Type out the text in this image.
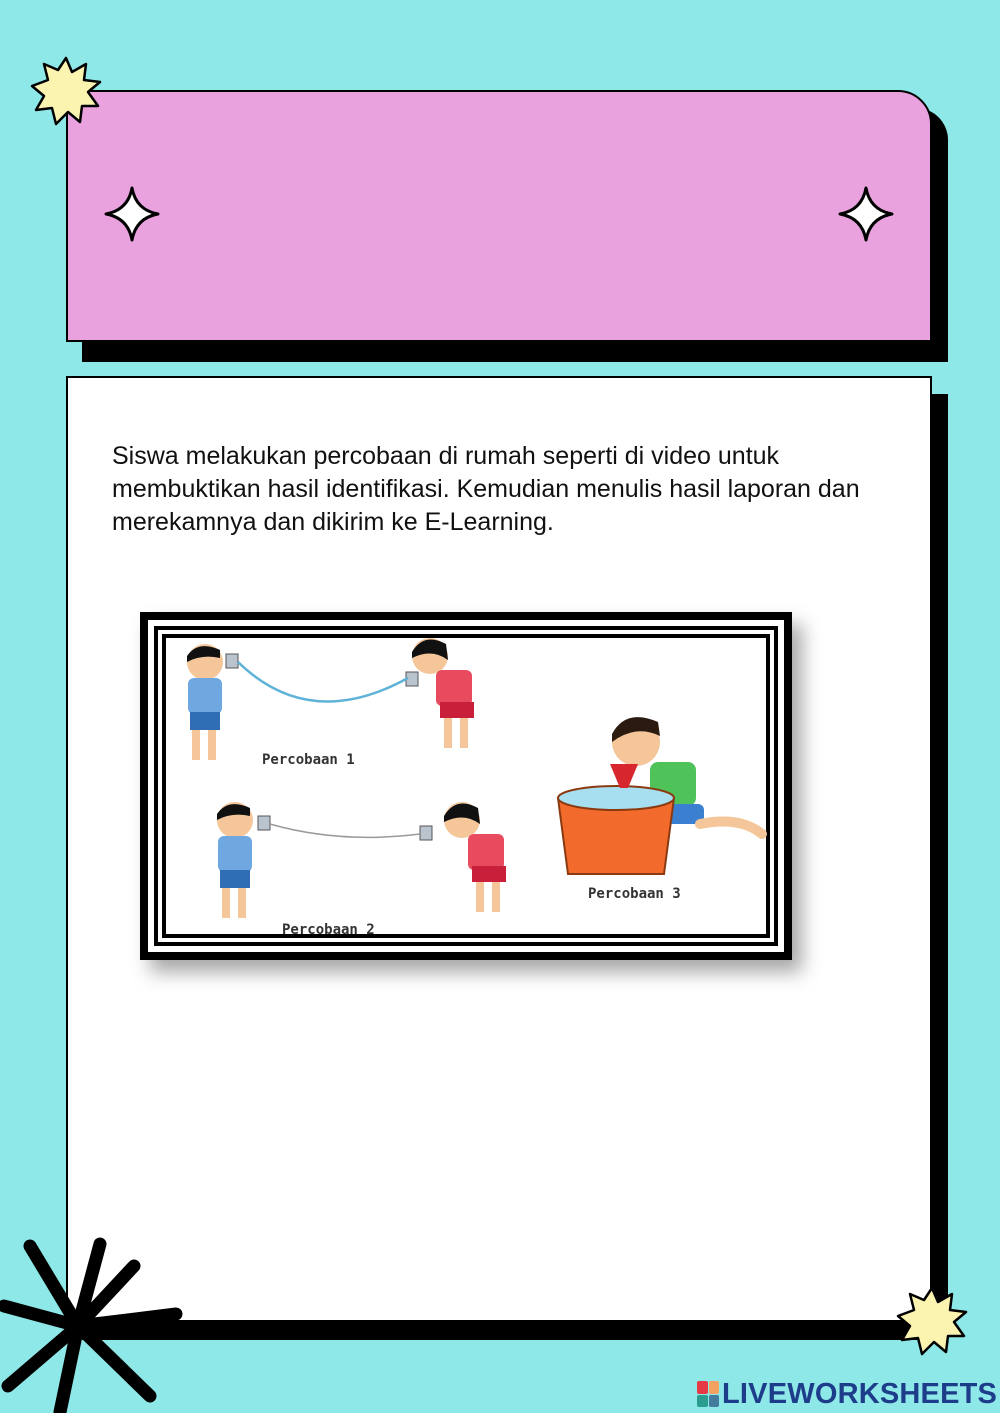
Siswa melakukan percobaan di rumah seperti di video untuk membuktikan hasil identifikasi. Kemudian menulis hasil laporan dan merekamnya dan dikirim ke E-Learning.

Percobaan 1
Percobaan 2
Percobaan 3
LIVEWORKSHEETS
